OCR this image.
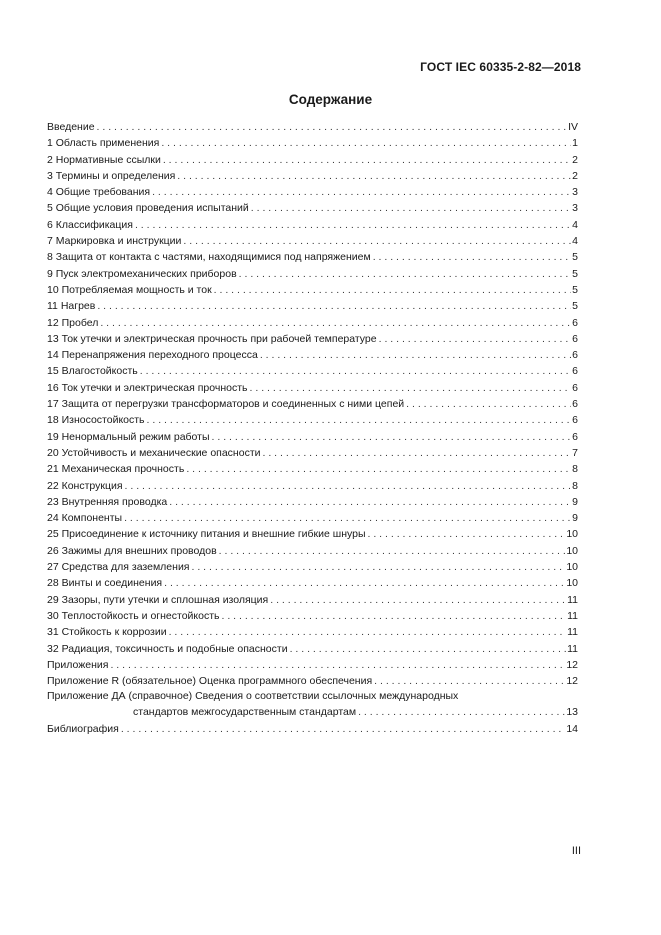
ГОСТ IEC 60335-2-82—2018
Содержание
Введение . . .	IV
1 Область применения . . .	1
2 Нормативные ссылки . . .	2
3 Термины и определения . . .	2
4 Общие требования . . .	3
5 Общие условия проведения испытаний . . .	3
6 Классификация . . .	4
7 Маркировка и инструкции . . .	4
8 Защита от контакта с частями, находящимися под напряжением . . .	5
9 Пуск электромеханических приборов . . .	5
10 Потребляемая мощность и ток . . .	5
11 Нагрев . . .	5
12 Пробел . . .	6
13 Ток утечки и электрическая прочность при рабочей температуре . . .	6
14 Перенапряжения переходного процесса . . .	6
15 Влагостойкость . . .	6
16 Ток утечки и электрическая прочность . . .	6
17 Защита от перегрузки трансформаторов и соединенных с ними цепей . . .	6
18 Износостойкость . . .	6
19 Ненормальный режим работы . . .	6
20 Устойчивость и механические опасности . . .	7
21 Механическая прочность . . .	8
22 Конструкция . . .	8
23 Внутренняя проводка . . .	9
24 Компоненты . . .	9
25 Присоединение к источнику питания и внешние гибкие шнуры . . .	10
26 Зажимы для внешних проводов . . .	10
27 Средства для заземления . . .	10
28 Винты и соединения . . .	10
29 Зазоры, пути утечки и сплошная изоляция . . .	11
30 Теплостойкость и огнестойкость . . .	11
31 Стойкость к коррозии . . .	11
32 Радиация, токсичность и подобные опасности . . .	11
Приложения . . .	12
Приложение R (обязательное) Оценка программного обеспечения . . .	12
Приложение ДА (справочное) Сведения о соответствии ссылочных международных
стандартов межгосударственным стандартам . . .	13
Библиография . . .	14
III
